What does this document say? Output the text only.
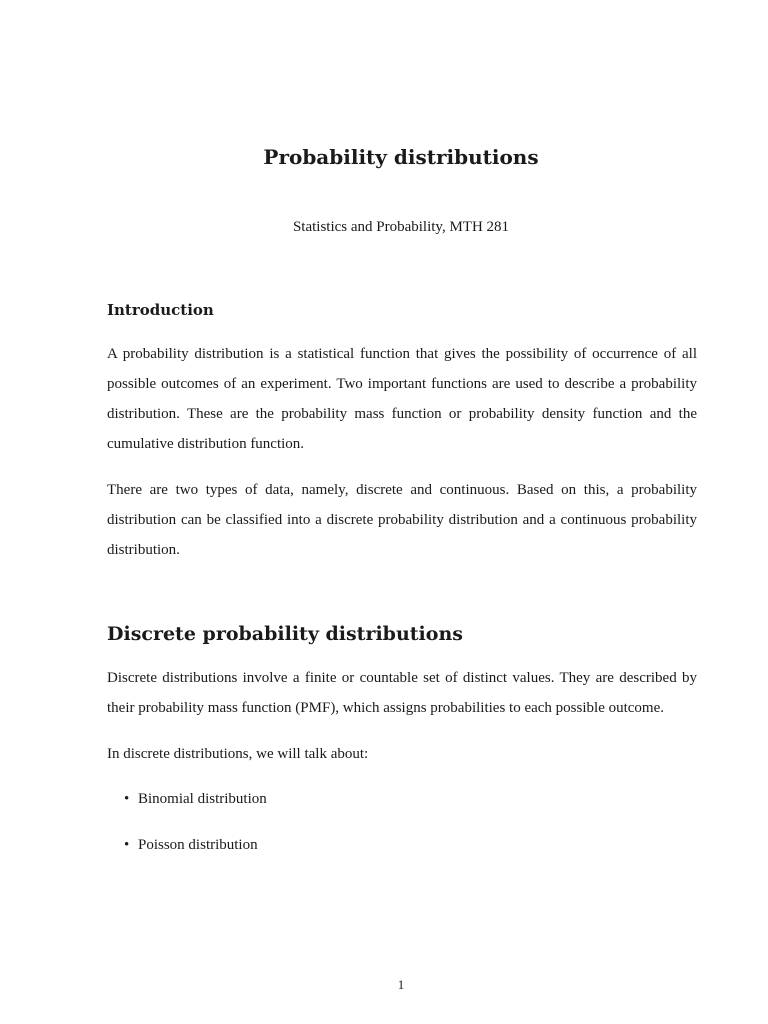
Probability distributions
Statistics and Probability, MTH 281
Introduction

A probability distribution is a statistical function that gives the possibility of occurrence of all possible outcomes of an experiment. Two important functions are used to describe a probability distribution. These are the probability mass function or probability density function and the cumulative distribution function.

There are two types of data, namely, discrete and continuous. Based on this, a probability distribution can be classified into a discrete probability distribution and a continuous probability distribution.

Discrete probability distributions

Discrete distributions involve a finite or countable set of distinct values. They are described by their probability mass function (PMF), which assigns probabilities to each possible outcome.

In discrete distributions, we will talk about:

• Binomial distribution
• Poisson distribution
1
